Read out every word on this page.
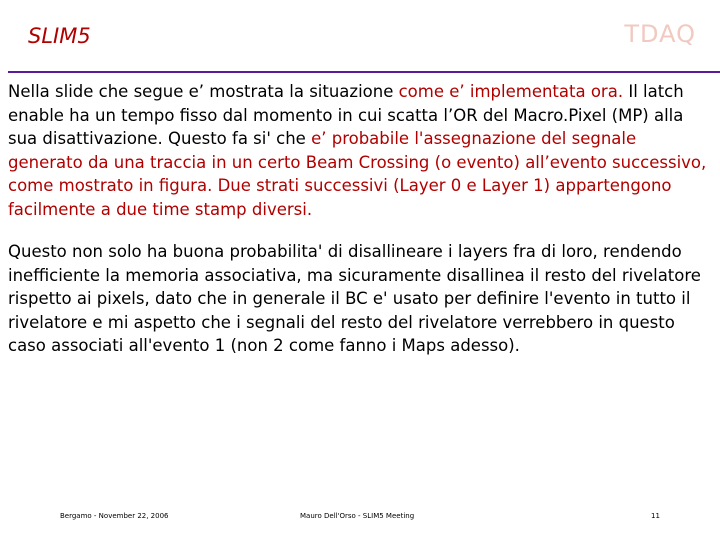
SLIM5	TDAQ

Nella slide che segue e’ mostrata la situazione come e’ implementata ora. Il latch enable ha un tempo fisso dal momento in cui scatta l’OR del Macro.Pixel (MP) alla sua disattivazione. Questo fa si' che e’ probabile l'assegnazione del segnale generato da una traccia in un certo Beam Crossing (o evento) all’evento successivo, come mostrato in figura. Due strati successivi (Layer 0 e Layer 1) appartengono facilmente a due time stamp diversi.

Questo non solo ha buona probabilita' di disallineare i layers fra di loro, rendendo inefficiente la memoria associativa, ma sicuramente disallinea il resto del rivelatore rispetto ai pixels, dato che in generale il BC e' usato per definire l'evento in tutto il rivelatore e mi aspetto che i segnali del resto del rivelatore verrebbero in questo caso associati all'evento 1 (non 2 come fanno i Maps adesso).

Bergamo - November 22, 2006	Mauro Dell'Orso - SLIM5 Meeting	11
